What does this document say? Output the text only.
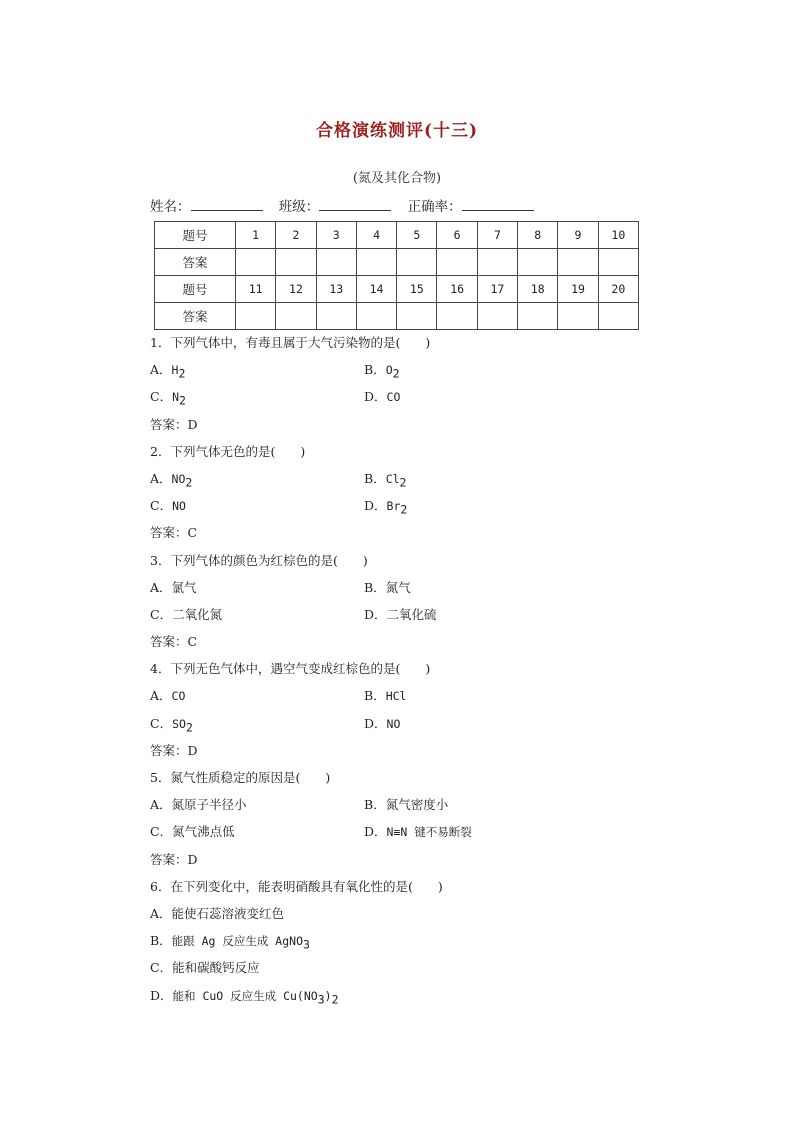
合格演练测评(十三)
(氮及其化合物)
姓名：	班级：	正确率：
题号	1	2	3	4	5	6	7	8	9	10
答案										
题号	11	12	13	14	15	16	17	18	19	20
答案										
1．下列气体中，有毒且属于大气污染物的是(　　)
A．$H_2$	B．$O_2$
C．$N_2$	D．CO
答案：D
2．下列气体无色的是(　　)
A．$NO_2$	B．$Cl_2$
C．NO	D．$Br_2$
答案：C
3．下列气体的颜色为红棕色的是(　　)
A．氯气	B．氮气
C．二氧化氮	D．二氧化硫
答案：C
4．下列无色气体中，遇空气变成红棕色的是(　　)
A．CO	B．HCl
C．$SO_2$	D．NO
答案：D
5．氮气性质稳定的原因是(　　)
A．氮原子半径小	B．氮气密度小
C．氮气沸点低	D．N≡N 键不易断裂
答案：D
6．在下列变化中，能表明硝酸具有氧化性的是(　　)
A．能使石蕊溶液变红色
B．能跟 Ag 反应生成 AgNO$_3$
C．能和碳酸钙反应
D．能和 CuO 反应生成 $Cu(NO_3)_2$
